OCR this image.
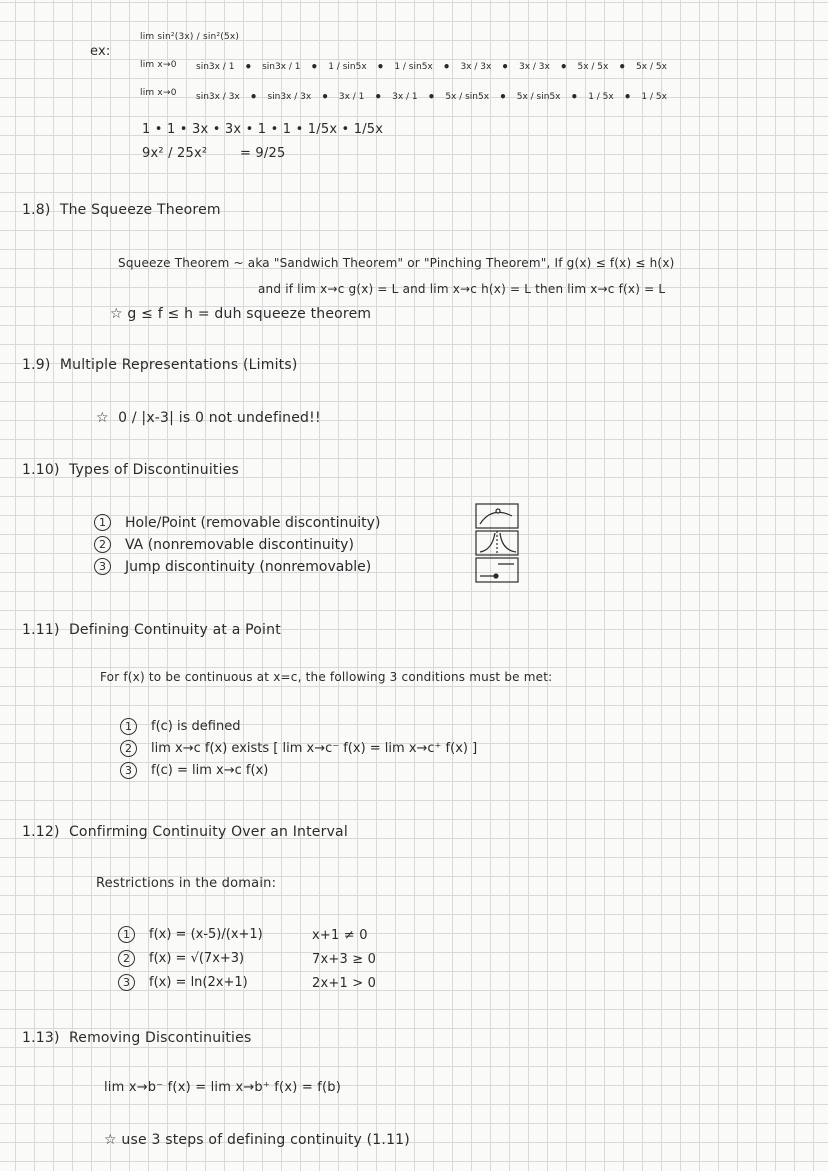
ex:
lim sin²(3x) / sin²(5x)
lim x→0
lim x→0
sin3x / 1 • sin3x / 1 • 1 / sin5x • 1 / sin5x • 3x / 3x • 3x / 3x • 5x / 5x • 5x / 5x
sin3x / 3x • sin3x / 3x • 3x / 1 • 3x / 1 • 5x / sin5x • 5x / sin5x • 1 / 5x • 1 / 5x
1 • 1 • 3x • 3x • 1 • 1 • 1/5x • 1/5x
9x² / 25x²	= 9/25
1.8) The Squeeze Theorem
Squeeze Theorem ~ aka "Sandwich Theorem" or "Pinching Theorem", If g(x) ≤ f(x) ≤ h(x)
and if lim x→c g(x) = L and lim x→c h(x) = L then lim x→c f(x) = L
☆ g ≤ f ≤ h = duh squeeze theorem
1.9) Multiple Representations (Limits)
☆ 0 / |x-3| is 0 not undefined!!
1.10) Types of Discontinuities
1	Hole/Point (removable discontinuity)
2	VA (nonremovable discontinuity)
3	Jump discontinuity (nonremovable)
1.11) Defining Continuity at a Point
For f(x) to be continuous at x=c, the following 3 conditions must be met:
1	f(c) is defined
2	lim x→c f(x) exists [ lim x→c⁻ f(x) = lim x→c⁺ f(x) ]
3	f(c) = lim x→c f(x)
1.12) Confirming Continuity Over an Interval
Restrictions in the domain:
1	f(x) = (x-5)/(x+1)	x+1 ≠ 0
2	f(x) = √(7x+3)	7x+3 ≥ 0
3	f(x) = ln(2x+1)	2x+1 > 0
1.13) Removing Discontinuities
lim x→b⁻ f(x) = lim x→b⁺ f(x) = f(b)
☆ use 3 steps of defining continuity (1.11)
